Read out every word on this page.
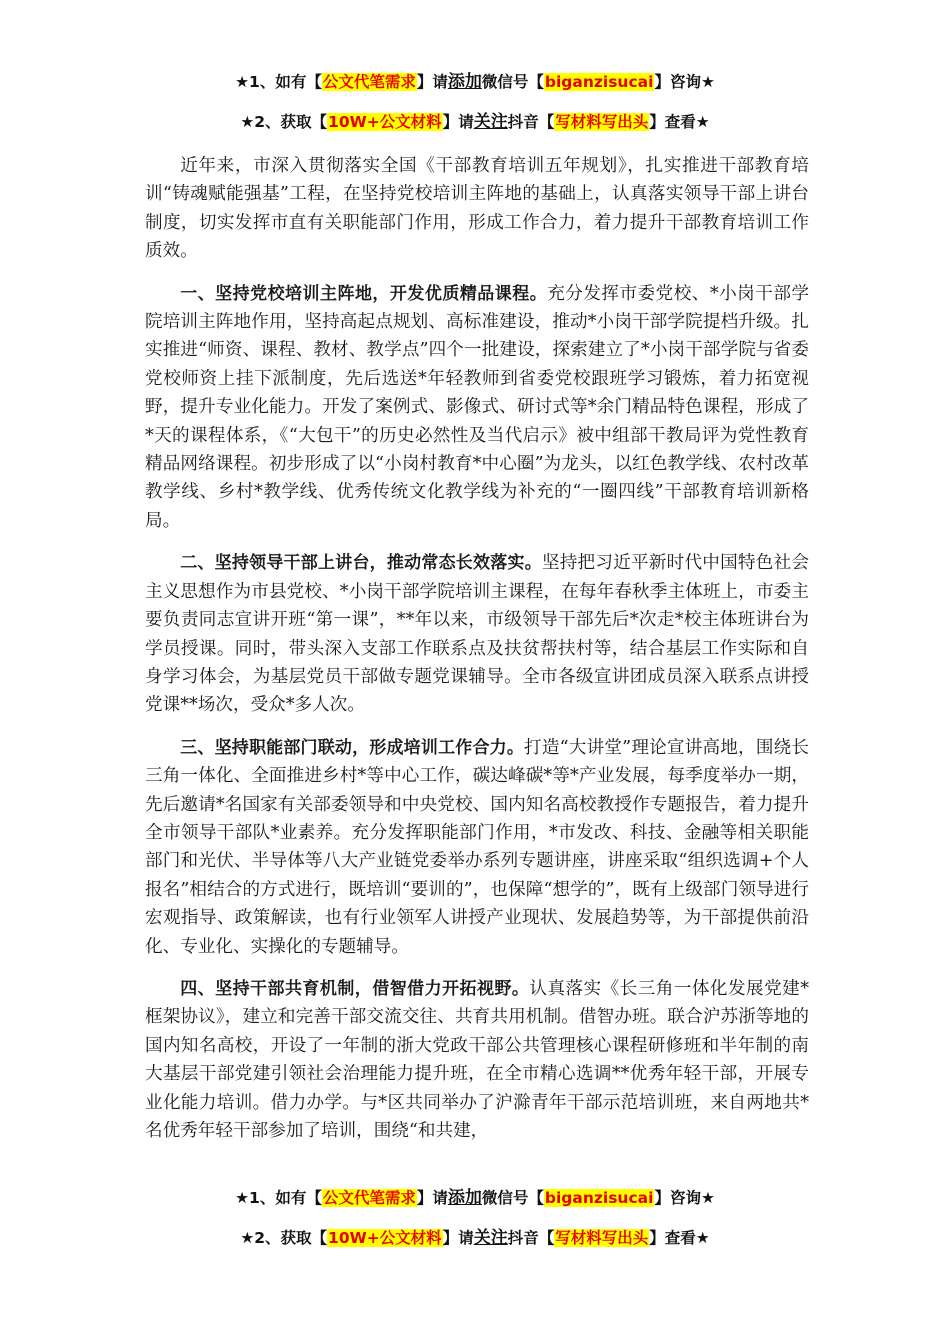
★1、如有【公文代笔需求】请添加微信号【biganzisucai】咨询★
★2、获取【10W+公文材料】请关注抖音【写材料写出头】查看★

近年来，市深入贯彻落实全国《干部教育培训五年规划》，扎实推进干部教育培训“铸魂赋能强基”工程，在坚持党校培训主阵地的基础上，认真落实领导干部上讲台制度，切实发挥市直有关职能部门作用，形成工作合力，着力提升干部教育培训工作质效。

一、坚持党校培训主阵地，开发优质精品课程。充分发挥市委党校、*小岗干部学院培训主阵地作用，坚持高起点规划、高标准建设，推动*小岗干部学院提档升级。扎实推进“师资、课程、教材、教学点”四个一批建设，探索建立了*小岗干部学院与省委党校师资上挂下派制度，先后选送*年轻教师到省委党校跟班学习锻炼，着力拓宽视野，提升专业化能力。开发了案例式、影像式、研讨式等*余门精品特色课程，形成了*天的课程体系，《“大包干”的历史必然性及当代启示》被中组部干教局评为党性教育精品网络课程。初步形成了以“小岗村教育*中心圈”为龙头，以红色教学线、农村改革教学线、乡村*教学线、优秀传统文化教学线为补充的“一圈四线”干部教育培训新格局。

二、坚持领导干部上讲台，推动常态长效落实。坚持把习近平新时代中国特色社会主义思想作为市县党校、*小岗干部学院培训主课程，在每年春秋季主体班上，市委主要负责同志宣讲开班“第一课”，**年以来，市级领导干部先后*次走*校主体班讲台为学员授课。同时，带头深入支部工作联系点及扶贫帮扶村等，结合基层工作实际和自身学习体会，为基层党员干部做专题党课辅导。全市各级宣讲团成员深入联系点讲授党课**场次，受众*多人次。

三、坚持职能部门联动，形成培训工作合力。打造“大讲堂”理论宣讲高地，围绕长三角一体化、全面推进乡村*等中心工作，碳达峰碳*等*产业发展，每季度举办一期，先后邀请*名国家有关部委领导和中央党校、国内知名高校教授作专题报告，着力提升全市领导干部队*业素养。充分发挥职能部门作用，*市发改、科技、金融等相关职能部门和光伏、半导体等八大产业链党委举办系列专题讲座，讲座采取“组织选调+个人报名”相结合的方式进行，既培训“要训的”，也保障“想学的”，既有上级部门领导进行宏观指导、政策解读，也有行业领军人讲授产业现状、发展趋势等，为干部提供前沿化、专业化、实操化的专题辅导。

四、坚持干部共育机制，借智借力开拓视野。认真落实《长三角一体化发展党建*框架协议》，建立和完善干部交流交往、共育共用机制。借智办班。联合沪苏浙等地的国内知名高校，开设了一年制的浙大党政干部公共管理核心课程研修班和半年制的南大基层干部党建引领社会治理能力提升班，在全市精心选调**优秀年轻干部，开展专业化能力培训。借力办学。与*区共同举办了沪滁青年干部示范培训班，来自两地共*名优秀年轻干部参加了培训，围绕“和共建，

★1、如有【公文代笔需求】请添加微信号【biganzisucai】咨询★
★2、获取【10W+公文材料】请关注抖音【写材料写出头】查看★
